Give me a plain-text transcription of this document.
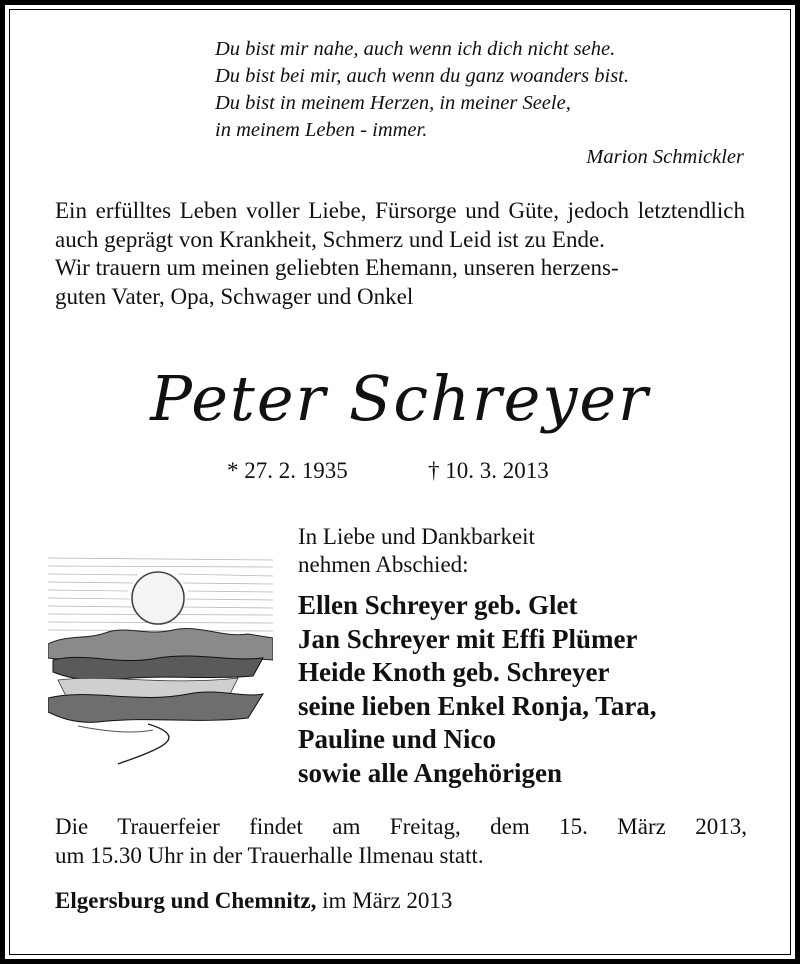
Du bist mir nahe, auch wenn ich dich nicht sehe.
Du bist bei mir, auch wenn du ganz woanders bist.
Du bist in meinem Herzen, in meiner Seele,
in meinem Leben - immer.
Marion Schmickler

Ein erfülltes Leben voller Liebe, Fürsorge und Güte, jedoch letztendlich auch geprägt von Krankheit, Schmerz und Leid ist zu Ende.

Wir trauern um meinen geliebten Ehemann, unseren herzens-

guten Vater, Opa, Schwager und Onkel

Peter Schreyer
* 27. 2. 1935	† 10. 3. 2013
In Liebe und Dankbarkeit
nehmen Abschied:
Ellen Schreyer geb. Glet
Jan Schreyer mit Effi Plümer
Heide Knoth geb. Schreyer
seine lieben Enkel Ronja, Tara,
Pauline und Nico
sowie alle Angehörigen
Die Trauerfeier findet am Freitag, dem 15. März 2013,
um 15.30 Uhr in der Trauerhalle Ilmenau statt.
Elgersburg und Chemnitz, im März 2013
